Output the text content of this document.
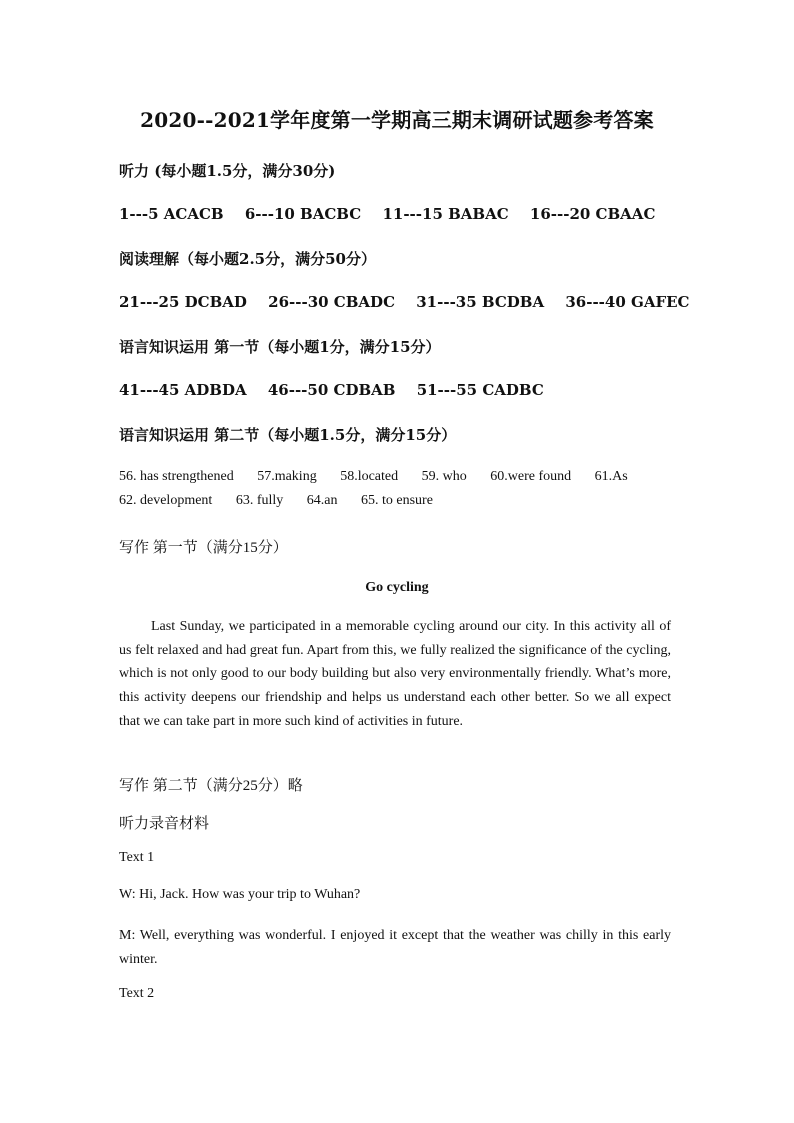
2020--2021学年度第一学期高三期末调研试题参考答案
听力 (每小题1.5分，满分30分)
1---5 ACACB 6---10 BACBC 11---15 BABAC 16---20 CBAAC
阅读理解（每小题2.5分，满分50分）
21---25 DCBAD 26---30 CBADC 31---35 BCDBA 36---40 GAFEC
语言知识运用 第一节（每小题1分，满分15分）
41---45 ADBDA 46---50 CDBAB 51---55 CADBC
语言知识运用 第二节（每小题1.5分，满分15分）
56. has strengthened 57.making 58.located 59. who 60.were found 61.As
62. development 63. fully 64.an 65. to ensure
写作 第一节（满分15分）
Go cycling
Last Sunday, we participated in a memorable cycling around our city. In this activity all of us felt relaxed and had great fun. Apart from this, we fully realized the significance of the cycling, which is not only good to our body building but also very environmentally friendly. What’s more, this activity deepens our friendship and helps us understand each other better. So we all expect that we can take part in more such kind of activities in future.
写作 第二节（满分25分）略
听力录音材料
Text 1
W: Hi, Jack. How was your trip to Wuhan?
M: Well, everything was wonderful. I enjoyed it except that the weather was chilly in this early winter.
Text 2
